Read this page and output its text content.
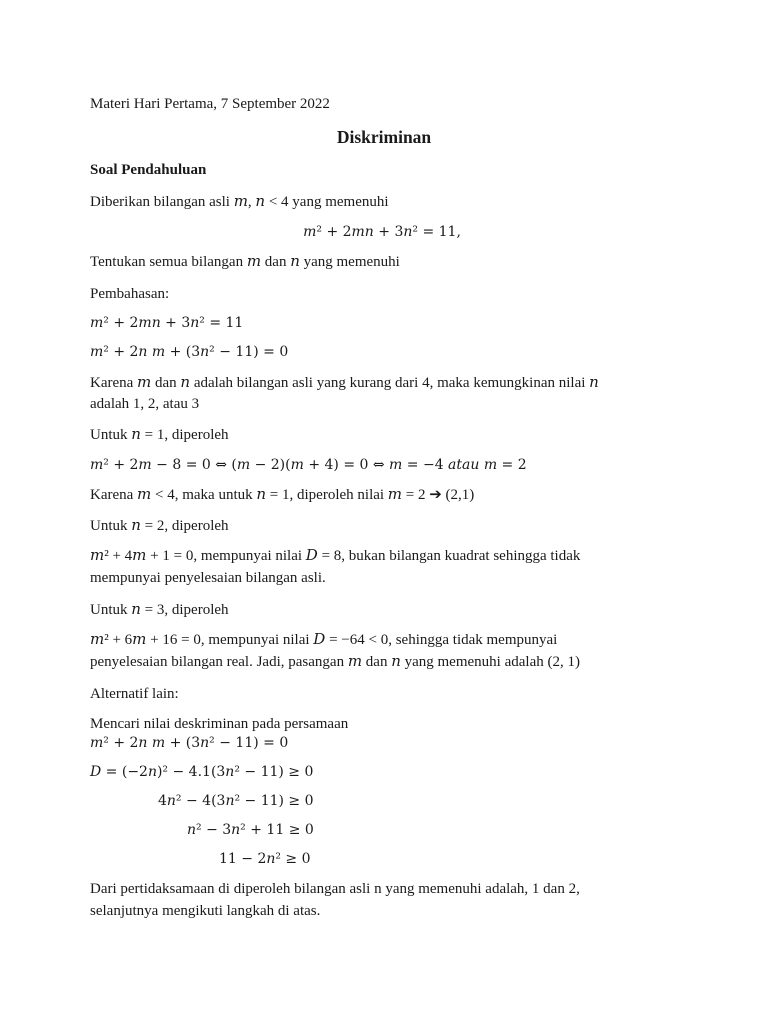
Materi Hari Pertama, 7 September 2022
Diskriminan
Soal Pendahuluan
Diberikan bilangan asli 𝑚, 𝑛 < 4 yang memenuhi
𝑚² + 2𝑚𝑛 + 3𝑛² = 11,
Tentukan semua bilangan 𝑚 dan 𝑛 yang memenuhi
Pembahasan:
𝑚² + 2𝑚𝑛 + 3𝑛² = 11
𝑚² + 2𝑛 𝑚 + (3𝑛² − 11) = 0
Karena 𝑚 dan 𝑛 adalah bilangan asli yang kurang dari 4, maka kemungkinan nilai 𝑛
adalah 1, 2, atau 3
Untuk 𝑛 = 1, diperoleh
𝑚² + 2𝑚 − 8 = 0 ⇔ (𝑚 − 2)(𝑚 + 4) = 0 ⇔ 𝑚 = −4 𝑎𝑡𝑎𝑢 𝑚 = 2
Karena 𝑚 < 4, maka untuk 𝑛 = 1, diperoleh nilai 𝑚 = 2 ➔ (2,1)
Untuk 𝑛 = 2, diperoleh
𝑚² + 4𝑚 + 1 = 0, mempunyai nilai 𝐷 = 8, bukan bilangan kuadrat sehingga tidak
mempunyai penyelesaian bilangan asli.
Untuk 𝑛 = 3, diperoleh
𝑚² + 6𝑚 + 16 = 0, mempunyai nilai 𝐷 = −64 < 0, sehingga tidak mempunyai
penyelesaian bilangan real. Jadi, pasangan 𝑚 dan 𝑛 yang memenuhi adalah (2, 1)
Alternatif lain:
Mencari nilai deskriminan pada persamaan
𝑚² + 2𝑛 𝑚 + (3𝑛² − 11) = 0
𝐷 = (−2𝑛)² − 4.1(3𝑛² − 11) ≥ 0
4𝑛² − 4(3𝑛² − 11) ≥ 0
𝑛² − 3𝑛² + 11 ≥ 0
11 − 2𝑛² ≥ 0
Dari pertidaksamaan di diperoleh bilangan asli n yang memenuhi adalah, 1 dan 2,
selanjutnya mengikuti langkah di atas.
